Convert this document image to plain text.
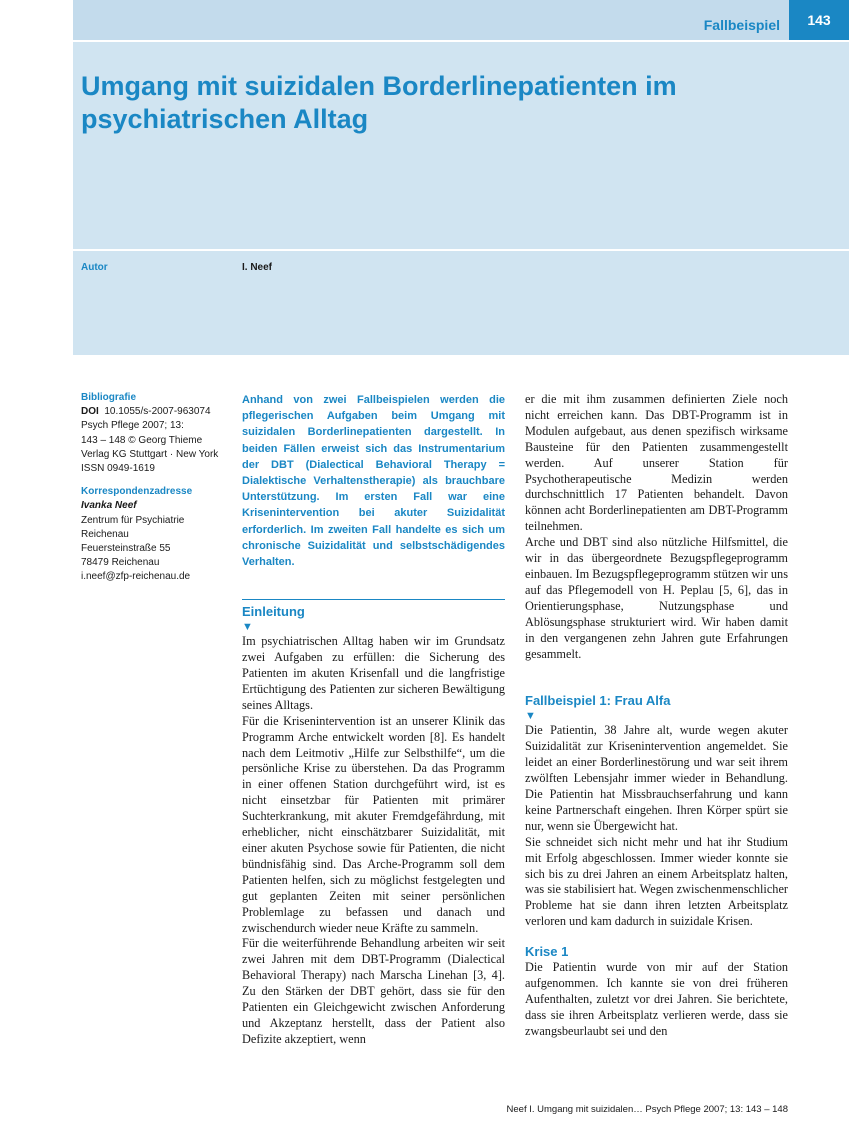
Fallbeispiel	143
Umgang mit suizidalen Borderlinepatienten im psychiatrischen Alltag
Autor	I. Neef
Bibliografie
DOI 10.1055/s-2007-963074
Psych Pflege 2007; 13:
143 – 148 © Georg Thieme
Verlag KG Stuttgart · New York
ISSN 0949-1619
Korrespondenzadresse
Ivanka Neef
Zentrum für Psychiatrie
Reichenau
Feuersteinstraße 55
78479 Reichenau
i.neef@zfp-reichenau.de

Anhand von zwei Fallbeispielen werden die pflegerischen Aufgaben beim Umgang mit suizidalen Borderlinepatienten dargestellt. In beiden Fällen erweist sich das Instrumentarium der DBT (Dialectical Behavioral Therapy = Dialektische Verhaltenstherapie) als brauchbare Unterstützung. Im ersten Fall war eine Krisenintervention bei akuter Suizidalität erforderlich. Im zweiten Fall handelte es sich um chronische Suizidalität und selbstschädigendes Verhalten.

Einleitung
▼

Im psychiatrischen Alltag haben wir im Grundsatz zwei Aufgaben zu erfüllen: die Sicherung des Patienten im akuten Krisenfall und die langfristige Ertüchtigung des Patienten zur sicheren Bewältigung seines Alltags.

Für die Krisenintervention ist an unserer Klinik das Programm Arche entwickelt worden [8]. Es handelt nach dem Leitmotiv „Hilfe zur Selbsthilfe“, um die persönliche Krise zu überstehen. Da das Programm in einer offenen Station durchgeführt wird, ist es nicht einsetzbar für Patienten mit primärer Suchterkrankung, mit akuter Fremdgefährdung, mit erheblicher, nicht einschätzbarer Suizidalität, mit einer akuten Psychose sowie für Patienten, die nicht bündnisfähig sind. Das Arche-Programm soll dem Patienten helfen, sich zu möglichst festgelegten und gut geplanten Zeiten mit seiner persönlichen Problemlage zu befassen und danach und zwischendurch wieder neue Kräfte zu sammeln.

Für die weiterführende Behandlung arbeiten wir seit zwei Jahren mit dem DBT-Programm (Dialectical Behavioral Therapy) nach Marscha Linehan [3, 4]. Zu den Stärken der DBT gehört, dass sie für den Patienten ein Gleichgewicht zwischen Anforderung und Akzeptanz herstellt, dass der Patient also Defizite akzeptiert, wenn

er die mit ihm zusammen definierten Ziele noch nicht erreichen kann. Das DBT-Programm ist in Modulen aufgebaut, aus denen spezifisch wirksame Bausteine für den Patienten zusammengestellt werden. Auf unserer Station für Psychotherapeutische Medizin werden durchschnittlich 17 Patienten behandelt. Davon können acht Borderlinepatienten am DBT-Programm teilnehmen.

Arche und DBT sind also nützliche Hilfsmittel, die wir in das übergeordnete Bezugspflegeprogramm einbauen. Im Bezugspflegeprogramm stützen wir uns auf das Pflegemodell von H. Peplau [5, 6], das in Orientierungsphase, Nutzungsphase und Ablösungsphase strukturiert wird. Wir haben damit in den vergangenen zehn Jahren gute Erfahrungen gesammelt.

Fallbeispiel 1: Frau Alfa
▼

Die Patientin, 38 Jahre alt, wurde wegen akuter Suizidalität zur Krisenintervention angemeldet. Sie leidet an einer Borderlinestörung und war seit ihrem zwölften Lebensjahr immer wieder in Behandlung. Die Patientin hat Missbrauchserfahrung und kann keine Partnerschaft eingehen. Ihren Körper spürt sie nur, wenn sie Übergewicht hat.

Sie schneidet sich nicht mehr und hat ihr Studium mit Erfolg abgeschlossen. Immer wieder konnte sie sich bis zu drei Jahren an einem Arbeitsplatz halten, was sie stabilisiert hat. Wegen zwischenmenschlicher Probleme hat sie dann ihren letzten Arbeitsplatz verloren und kam dadurch in suizidale Krisen.

Krise 1

Die Patientin wurde von mir auf der Station aufgenommen. Ich kannte sie von drei früheren Aufenthalten, zuletzt vor drei Jahren. Sie berichtete, dass sie ihren Arbeitsplatz verlieren werde, dass sie zwangsbeurlaubt sei und den

Neef I. Umgang mit suizidalen… Psych Pflege 2007; 13: 143 – 148
